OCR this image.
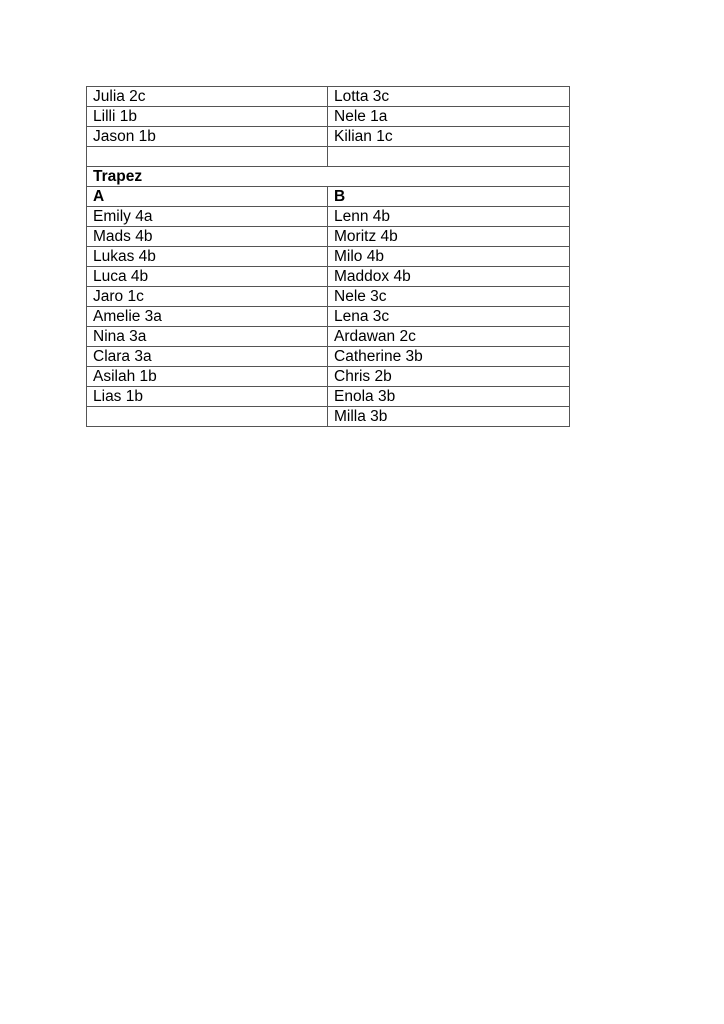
Julia 2c	Lotta 3c
Lilli 1b	Nele 1a
Jason 1b	Kilian 1c

Trapez	
A	B
Emily 4a	Lenn 4b
Mads 4b	Moritz 4b
Lukas 4b	Milo 4b
Luca 4b	Maddox 4b
Jaro 1c	Nele 3c
Amelie 3a	Lena 3c
Nina 3a	Ardawan 2c
Clara 3a	Catherine 3b
Asilah 1b	Chris 2b
Lias 1b	Enola 3b
	Milla 3b
